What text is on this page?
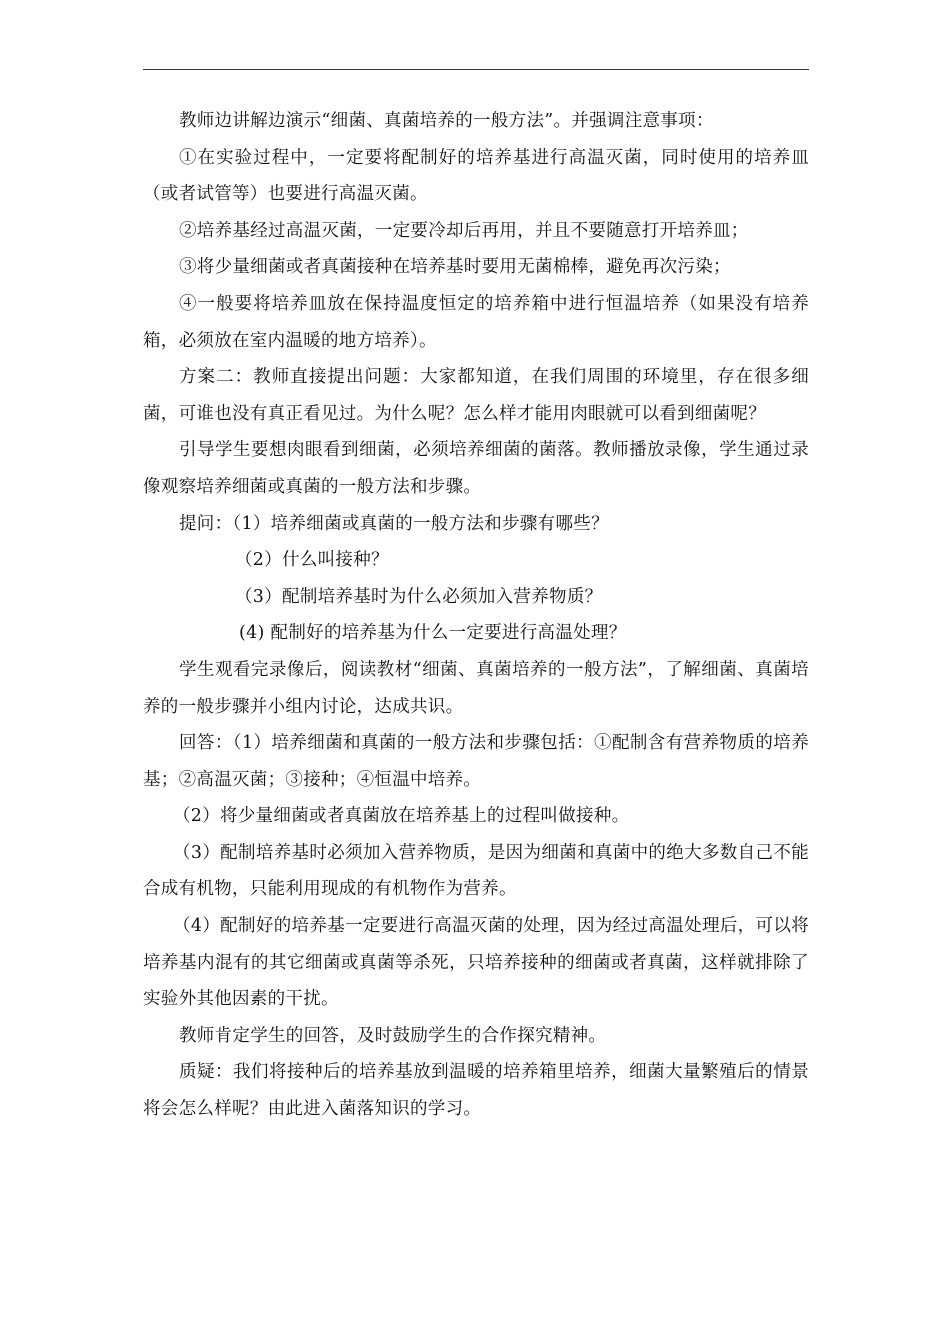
教师边讲解边演示“细菌、真菌培养的一般方法”。并强调注意事项：

①在实验过程中，一定要将配制好的培养基进行高温灭菌，同时使用的培养皿（或者试管等）也要进行高温灭菌。

②培养基经过高温灭菌，一定要冷却后再用，并且不要随意打开培养皿；

③将少量细菌或者真菌接种在培养基时要用无菌棉棒，避免再次污染；

④一般要将培养皿放在保持温度恒定的培养箱中进行恒温培养（如果没有培养箱，必须放在室内温暖的地方培养）。

方案二：教师直接提出问题：大家都知道，在我们周围的环境里，存在很多细菌，可谁也没有真正看见过。为什么呢？怎么样才能用肉眼就可以看到细菌呢？

引导学生要想肉眼看到细菌，必须培养细菌的菌落。教师播放录像，学生通过录像观察培养细菌或真菌的一般方法和步骤。

提问：（1）培养细菌或真菌的一般方法和步骤有哪些？

（2）什么叫接种？

（3）配制培养基时为什么必须加入营养物质？

(4) 配制好的培养基为什么一定要进行高温处理？

学生观看完录像后，阅读教材“细菌、真菌培养的一般方法”，了解细菌、真菌培养的一般步骤并小组内讨论，达成共识。

回答：（1）培养细菌和真菌的一般方法和步骤包括：①配制含有营养物质的培养基；②高温灭菌；③接种；④恒温中培养。

（2）将少量细菌或者真菌放在培养基上的过程叫做接种。

（3）配制培养基时必须加入营养物质，是因为细菌和真菌中的绝大多数自己不能合成有机物，只能利用现成的有机物作为营养。

（4）配制好的培养基一定要进行高温灭菌的处理，因为经过高温处理后，可以将培养基内混有的其它细菌或真菌等杀死，只培养接种的细菌或者真菌，这样就排除了实验外其他因素的干扰。

教师肯定学生的回答，及时鼓励学生的合作探究精神。

质疑：我们将接种后的培养基放到温暖的培养箱里培养，细菌大量繁殖后的情景将会怎么样呢？由此进入菌落知识的学习。
